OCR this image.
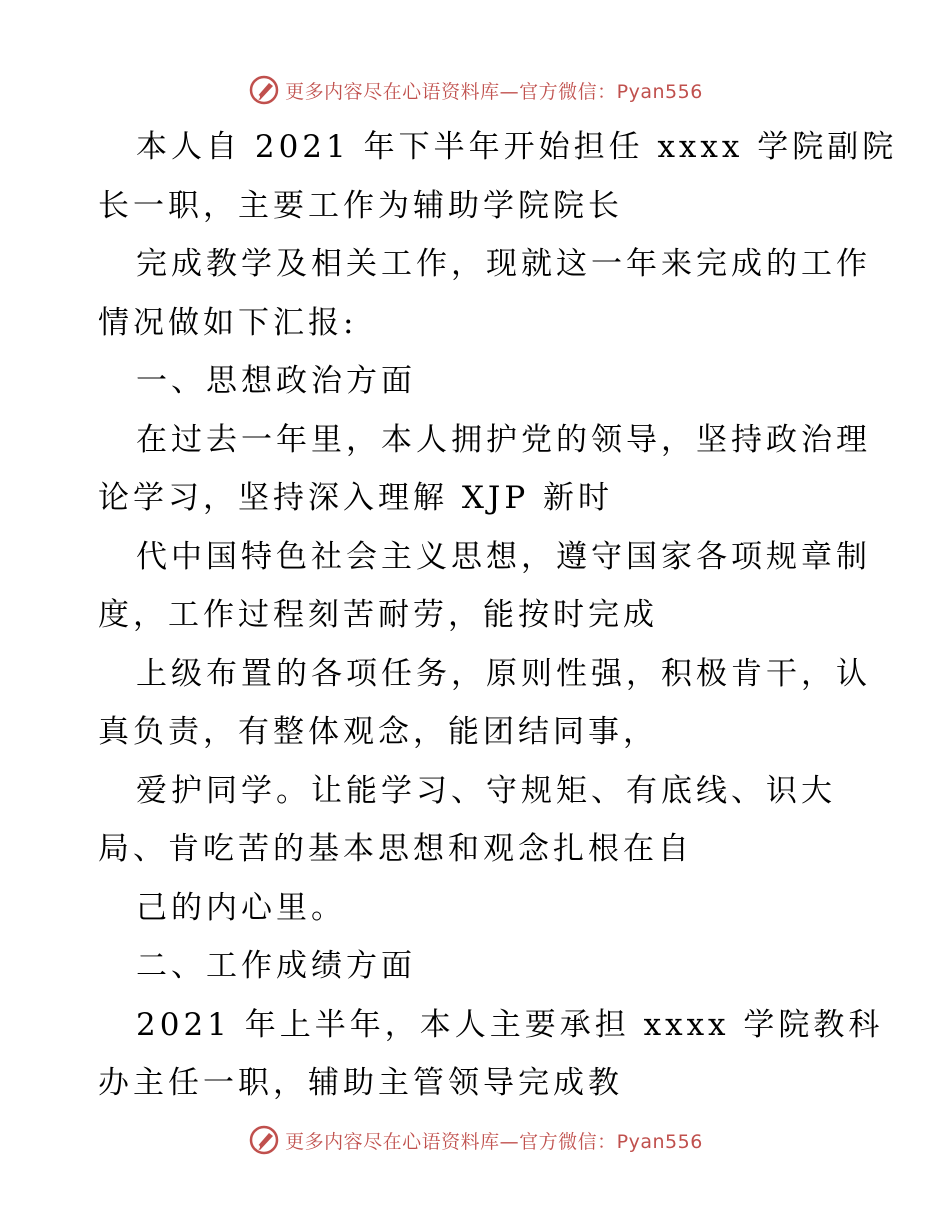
更多内容尽在心语资料库—官方微信：Pyan556
本人自 2021 年下半年开始担任 xxxx 学院副院
长一职，主要工作为辅助学院院长
完成教学及相关工作，现就这一年来完成的工作
情况做如下汇报:
一、思想政治方面
在过去一年里，本人拥护党的领导，坚持政治理
论学习，坚持深入理解 XJP 新时
代中国特色社会主义思想，遵守国家各项规章制
度，工作过程刻苦耐劳，能按时完成
上级布置的各项任务，原则性强，积极肯干，认
真负责，有整体观念，能团结同事，
爱护同学。让能学习、守规矩、有底线、识大
局、肯吃苦的基本思想和观念扎根在自
己的内心里。
二、工作成绩方面
2021 年上半年，本人主要承担 xxxx 学院教科
办主任一职，辅助主管领导完成教
更多内容尽在心语资料库—官方微信：Pyan556
